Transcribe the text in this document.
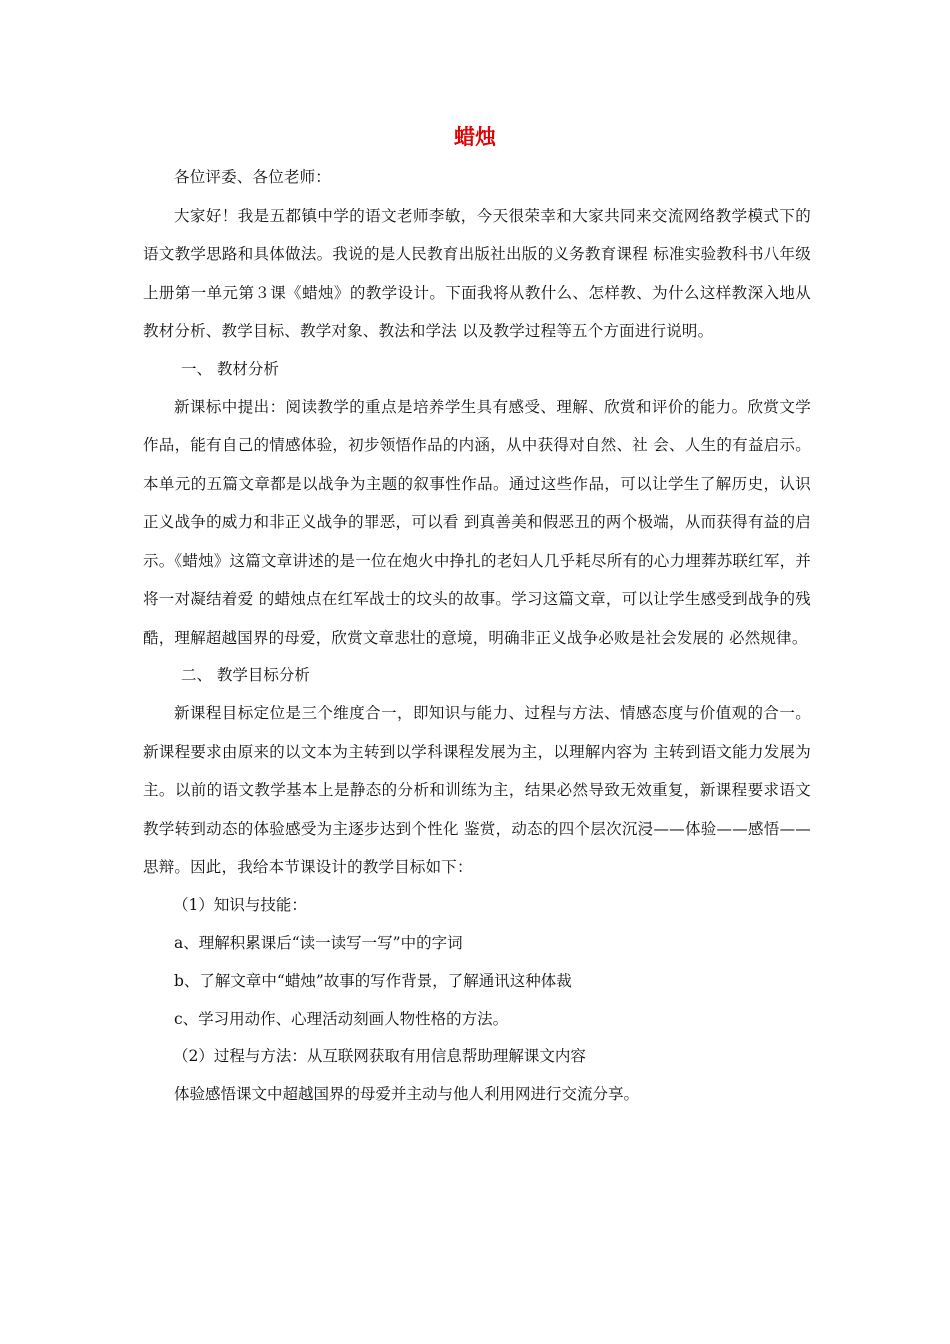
蜡烛

各位评委、各位老师：

大家好！我是五都镇中学的语文老师李敏，今天很荣幸和大家共同来交流网络教学模式下的语文教学思路和具体做法。我说的是人民教育出版社出版的义务教育课程 标准实验教科书八年级上册第一单元第３课《蜡烛》的教学设计。下面我将从教什么、怎样教、为什么这样教深入地从教材分析、教学目标、教学对象、教法和学法 以及教学过程等五个方面进行说明。

一、 教材分析

新课标中提出：阅读教学的重点是培养学生具有感受、理解、欣赏和评价的能力。欣赏文学作品，能有自己的情感体验，初步领悟作品的内涵，从中获得对自然、社 会、人生的有益启示。本单元的五篇文章都是以战争为主题的叙事性作品。通过这些作品，可以让学生了解历史，认识正义战争的威力和非正义战争的罪恶，可以看 到真善美和假恶丑的两个极端，从而获得有益的启示。《蜡烛》这篇文章讲述的是一位在炮火中挣扎的老妇人几乎耗尽所有的心力埋葬苏联红军，并将一对凝结着爱 的蜡烛点在红军战士的坟头的故事。学习这篇文章，可以让学生感受到战争的残酷，理解超越国界的母爱，欣赏文章悲壮的意境，明确非正义战争必败是社会发展的 必然规律。

二、 教学目标分析

新课程目标定位是三个维度合一，即知识与能力、过程与方法、情感态度与价值观的合一。新课程要求由原来的以文本为主转到以学科课程发展为主，以理解内容为 主转到语文能力发展为主。以前的语文教学基本上是静态的分析和训练为主，结果必然导致无效重复，新课程要求语文教学转到动态的体验感受为主逐步达到个性化 鉴赏，动态的四个层次沉浸——体验——感悟——思辩。因此，我给本节课设计的教学目标如下：

（1）知识与技能：

a、理解积累课后“读一读写一写”中的字词

b、了解文章中“蜡烛”故事的写作背景，了解通讯这种体裁

c、学习用动作、心理活动刻画人物性格的方法。

（2）过程与方法：从互联网获取有用信息帮助理解课文内容

体验感悟课文中超越国界的母爱并主动与他人利用网进行交流分享。
